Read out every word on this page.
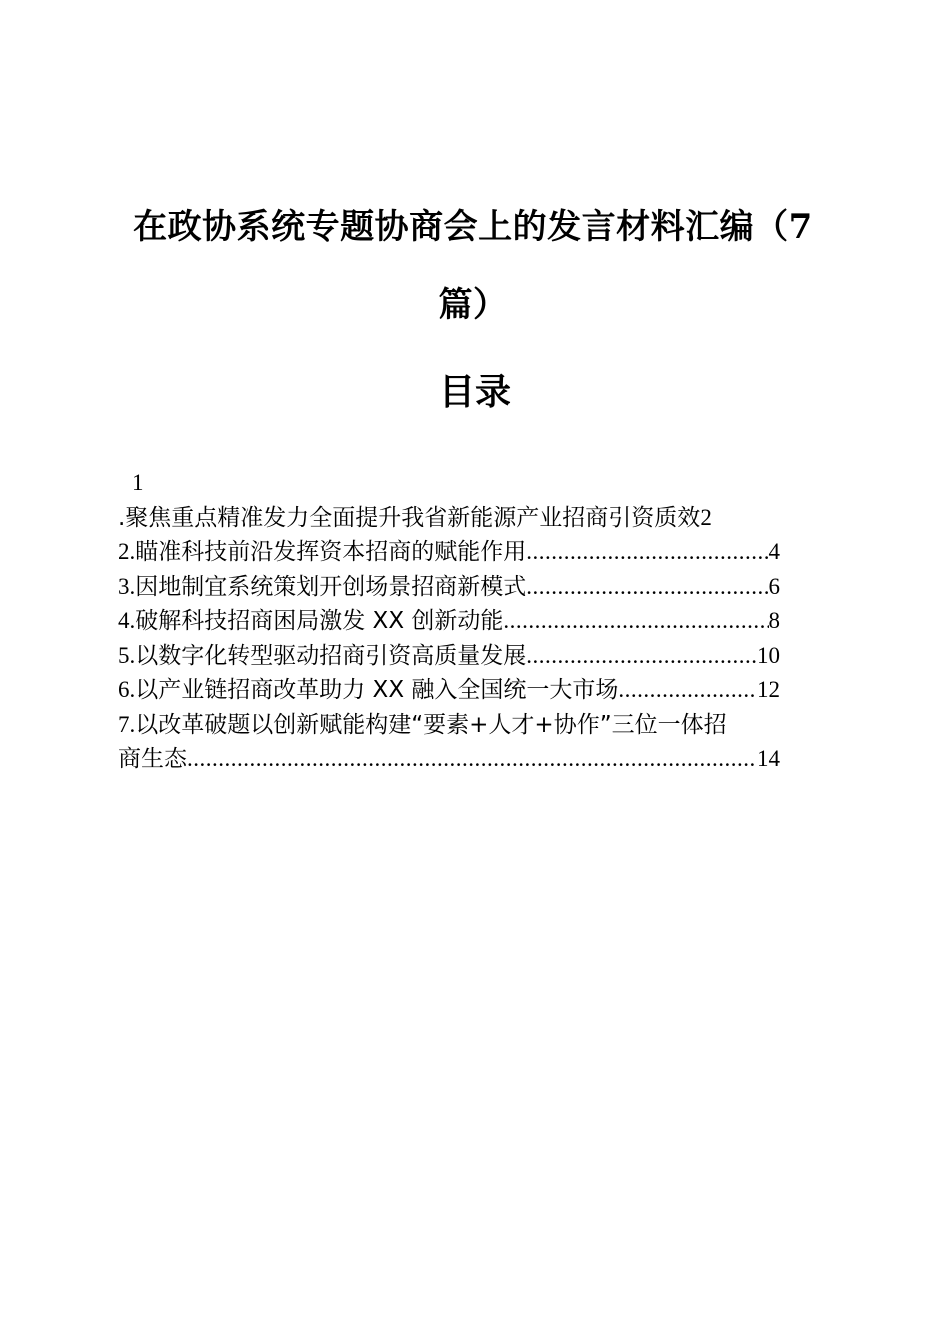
在政协系统专题协商会上的发言材料汇编（7
篇）
目录
1
.聚焦重点精准发力全面提升我省新能源产业招商引资质效 2
2.瞄准科技前沿发挥资本招商的赋能作用 .....	4
3.因地制宜系统策划开创场景招商新模式 .....	6
4.破解科技招商困局激发 XX 创新动能 .....	8
5.以数字化转型驱动招商引资高质量发展 .....	10
6.以产业链招商改革助力 XX 融入全国统一大市场 .....	12
7.以改革破题以创新赋能构建“要素+人才+协作”三位一体招
商生态 .....	14
